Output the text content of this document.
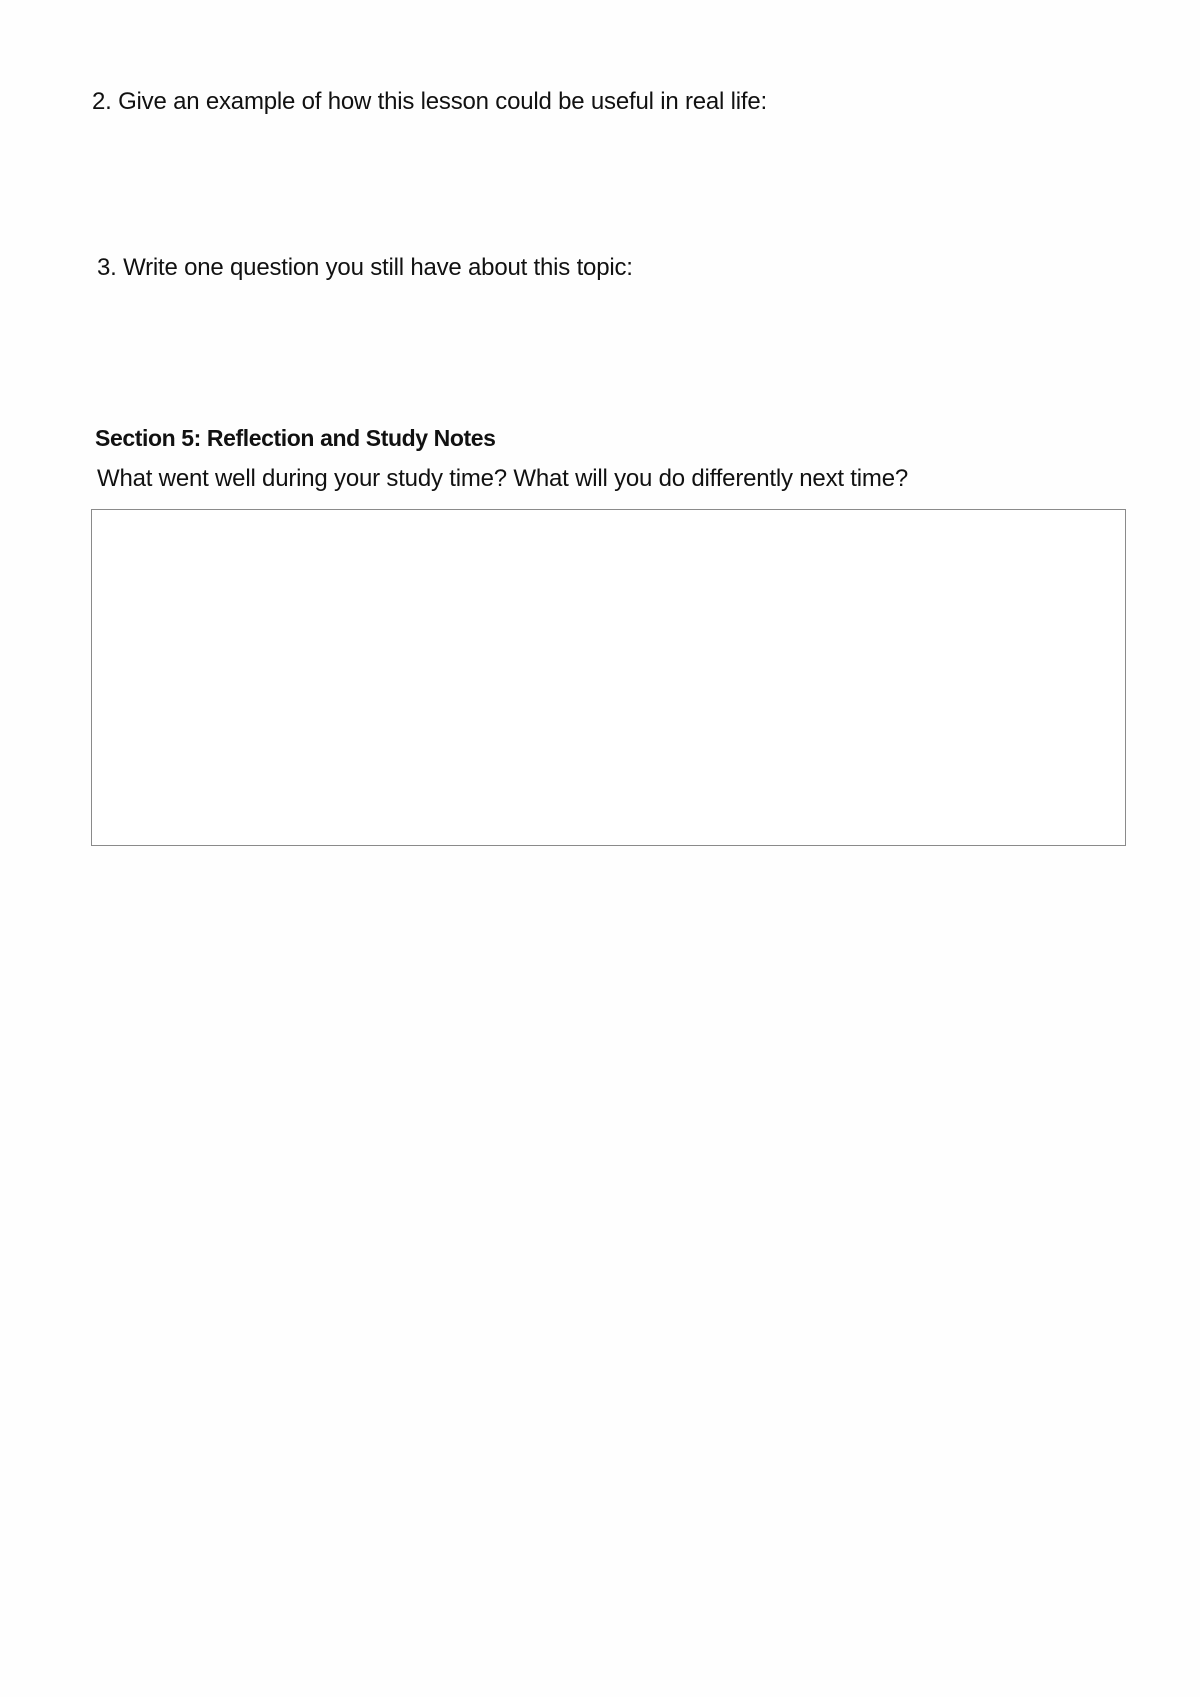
2. Give an example of how this lesson could be useful in real life:
3. Write one question you still have about this topic:
Section 5: Reflection and Study Notes
What went well during your study time? What will you do differently next time?
